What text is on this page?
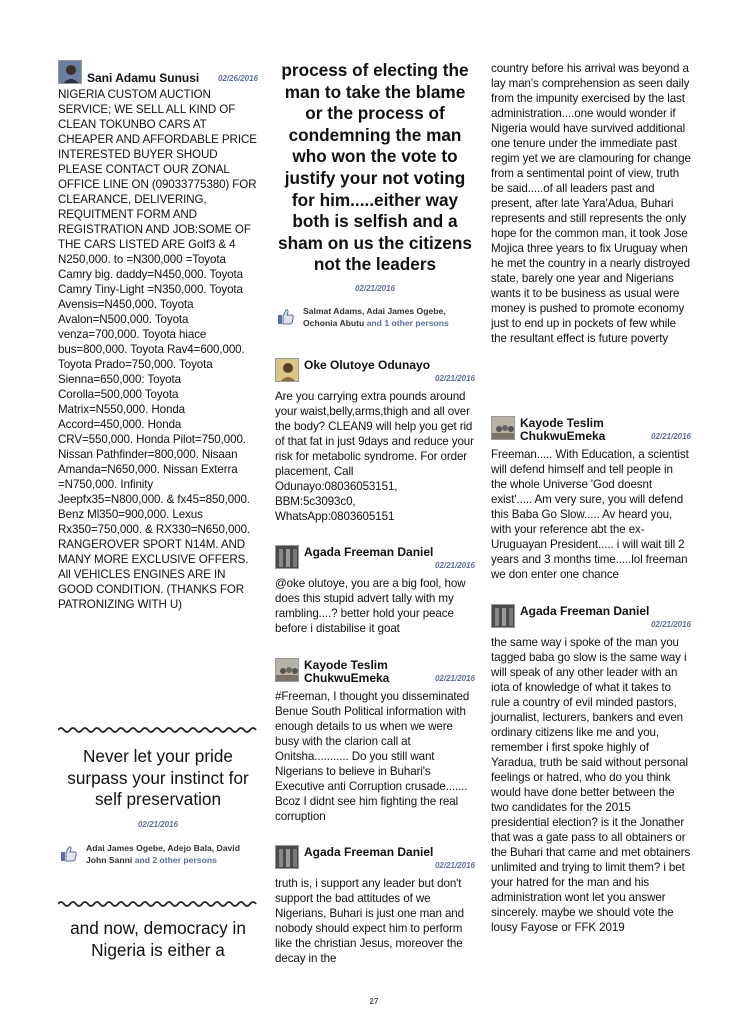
Sani Adamu Sunusi	02/26/2016
NIGERIA CUSTOM AUCTION SERVICE; WE SELL ALL KIND OF CLEAN TOKUNBO CARS AT CHEAPER AND AFFORDABLE PRICE INTERESTED BUYER SHOUD PLEASE CONTACT OUR ZONAL OFFICE LINE ON (09033775380) FOR CLEARANCE, DELIVERING, REQUITMENT FORM AND REGISTRATION AND JOB:SOME OF THE CARS LISTED ARE Golf3 & 4 N250,000. to =N300,000 =Toyota Camry big. daddy=N450,000. Toyota Camry Tiny-Light =N350,000. Toyota Avensis=N450,000. Toyota Avalon=N500,000. Toyota venza=700,000. Toyota hiace bus=800,000. Toyota Rav4=600,000. Toyota Prado=750,000. Toyota Sienna=650,000: Toyota Corolla=500,000 Toyota Matrix=N550,000. Honda Accord=450,000. Honda CRV=550,000. Honda Pilot=750,000. Nissan Pathfinder=800,000. Nisaan Amanda=N650,000. Nissan Exterra =N750,000. Infinity Jeepfx35=N800,000. & fx45=850,000. Benz Ml350=900,000. Lexus Rx350=750,000. & RX330=N650,000. RANGEROVER SPORT N14M. AND MANY MORE EXCLUSIVE OFFERS. All VEHICLES ENGINES ARE IN GOOD CONDITION. (THANKS FOR PATRONIZING WITH U)
Never let your pride surpass your instinct for self preservation
02/21/2016
Adai James Ogebe, Adejo Bala, David John Sanni and 2 other persons
and now, democracy in Nigeria is either a
process of electing the man to take the blame or the process of condemning the man who won the vote to justify your not voting for him.....either way both is selfish and a sham on us the citizens not the leaders
02/21/2016
Salmat Adams, Adai James Ogebe, Ochonia Abutu and 1 other persons
Oke Olutoye Odunayo
02/21/2016
Are you carrying extra pounds around your waist,belly,arms,thigh and all over the body? CLEAN9 will help you get rid of that fat in just 9days and reduce your risk for metabolic syndrome. For order placement, Call Odunayo:08036053151, BBM:5c3093c0, WhatsApp:0803605151
Agada Freeman Daniel
02/21/2016
@oke olutoye, you are a big fool, how does this stupid advert tally with my rambling....? better hold your peace before i distabilise it goat
Kayode Teslim ChukwuEmeka	02/21/2016
#Freeman, I thought you disseminated Benue South Political information with enough details to us when we were busy with the clarion call at Onitsha........... Do you still want Nigerians to believe in Buhari's Executive anti Corruption crusade....... Bcoz I didnt see him fighting the real corruption
Agada Freeman Daniel
02/21/2016
truth is, i support any leader but don't support the bad attitudes of we Nigerians, Buhari is just one man and nobody should expect him to perform like the christian Jesus, moreover the decay in the
country before his arrival was beyond a lay man's comprehension as seen daily from the impunity exercised by the last administration....one would wonder if Nigeria would have survived additional one tenure under the immediate past regim yet we are clamouring for change from a sentimental point of view, truth be said.....of all leaders past and present, after late Yara'Adua, Buhari represents and still represents the only hope for the common man, it took Jose Mojica three years to fix Uruguay when he met the country in a nearly distroyed state, barely one year and Nigerians wants it to be business as usual were money is pushed to promote economy just to end up in pockets of few while the resultant effect is future poverty
Kayode Teslim ChukwuEmeka	02/21/2016
Freeman..... With Education, a scientist will defend himself and tell people in the whole Universe 'God doesnt exist'..... Am very sure, you will defend this Baba Go Slow..... Av heard you, with your reference abt the ex-Uruguayan President..... i will wait till 2 years and 3 months time.....lol freeman we don enter one chance
Agada Freeman Daniel
02/21/2016
the same way i spoke of the man you tagged baba go slow is the same way i will speak of any other leader with an iota of knowledge of what it takes to rule a country of evil minded pastors, journalist, lecturers, bankers and even ordinary citizens like me and you, remember i first spoke highly of Yaradua, truth be said without personal feelings or hatred, who do you think would have done better between the two candidates for the 2015 presidential election? is it the Jonather that was a gate pass to all obtainers or the Buhari that came and met obtainers unlimited and trying to limit them? i bet your hatred for the man and his administration wont let you answer sincerely. maybe we should vote the lousy Fayose or FFK 2019
27
